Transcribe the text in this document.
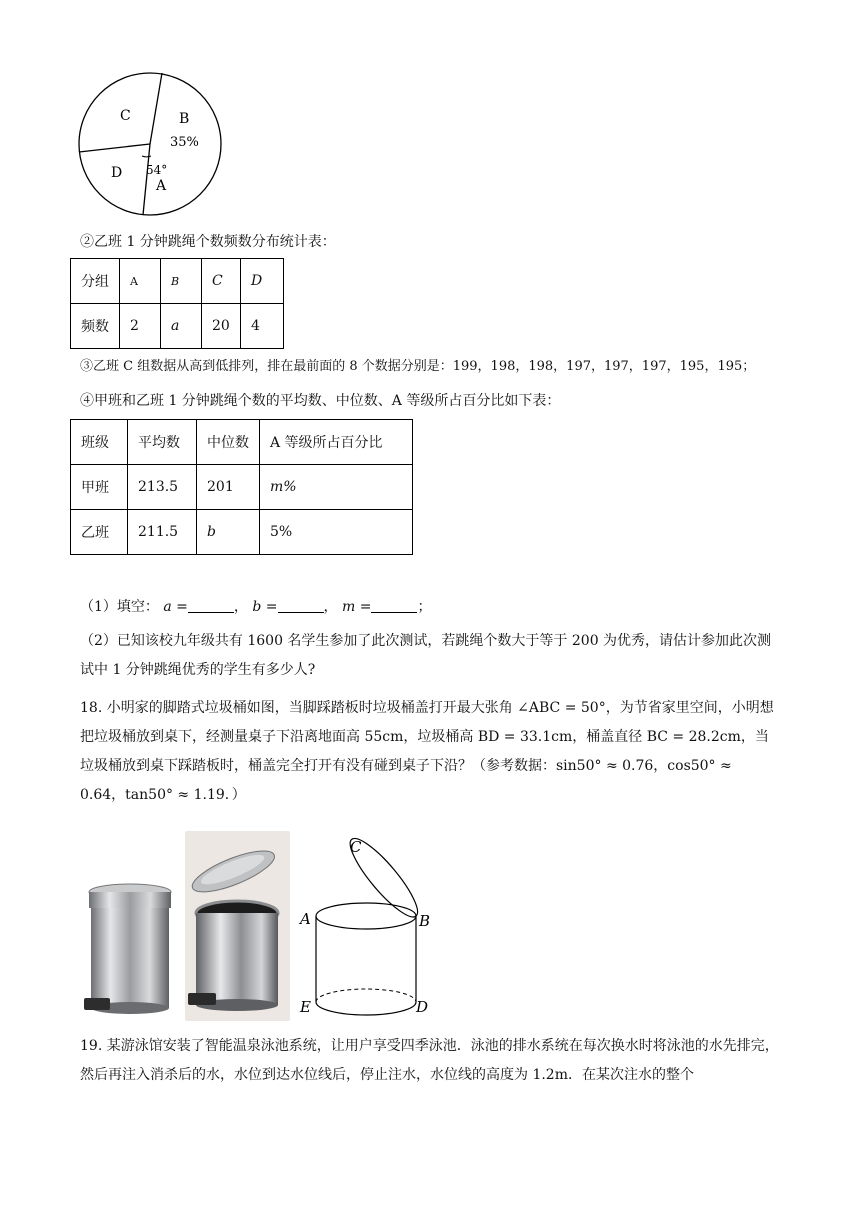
C	B
35%
D 54°
A
②乙班 1 分钟跳绳个数频数分布统计表：
分组	A	B	C	D
频数	2	a	20	4
③乙班 C 组数据从高到低排列，排在最前面的 8 个数据分别是：199，198，198，197，197，197，195，195；
④甲班和乙班 1 分钟跳绳个数的平均数、中位数、A 等级所占百分比如下表：
班级	平均数	中位数	A 等级所占百分比
甲班	213.5	201	m%
乙班	211.5	b	5%
（1）填空： a =	， b =	， m =	；
（2）已知该校九年级共有 1600 名学生参加了此次测试，若跳绳个数大于等于 200 为优秀，请估计参加此次测试中 1 分钟跳绳优秀的学生有多少人?
18. 小明家的脚踏式垃圾桶如图，当脚踩踏板时垃圾桶盖打开最大张角 ∠ABC = 50°，为节省家里空间，小明想把垃圾桶放到桌下，经测量桌子下沿离地面高 55cm，垃圾桶高 BD = 33.1cm，桶盖直径 BC = 28.2cm，当垃圾桶放到桌下踩踏板时，桶盖完全打开有没有碰到桌子下沿？（参考数据：sin50° ≈ 0.76，cos50° ≈ 0.64，tan50° ≈ 1.19．）
C
A	B
E	D
19. 某游泳馆安装了智能温泉泳池系统，让用户享受四季泳池．泳池的排水系统在每次换水时将泳池的水先排完，然后再注入消杀后的水，水位到达水位线后，停止注水，水位线的高度为 1.2m．在某次注水的整个
